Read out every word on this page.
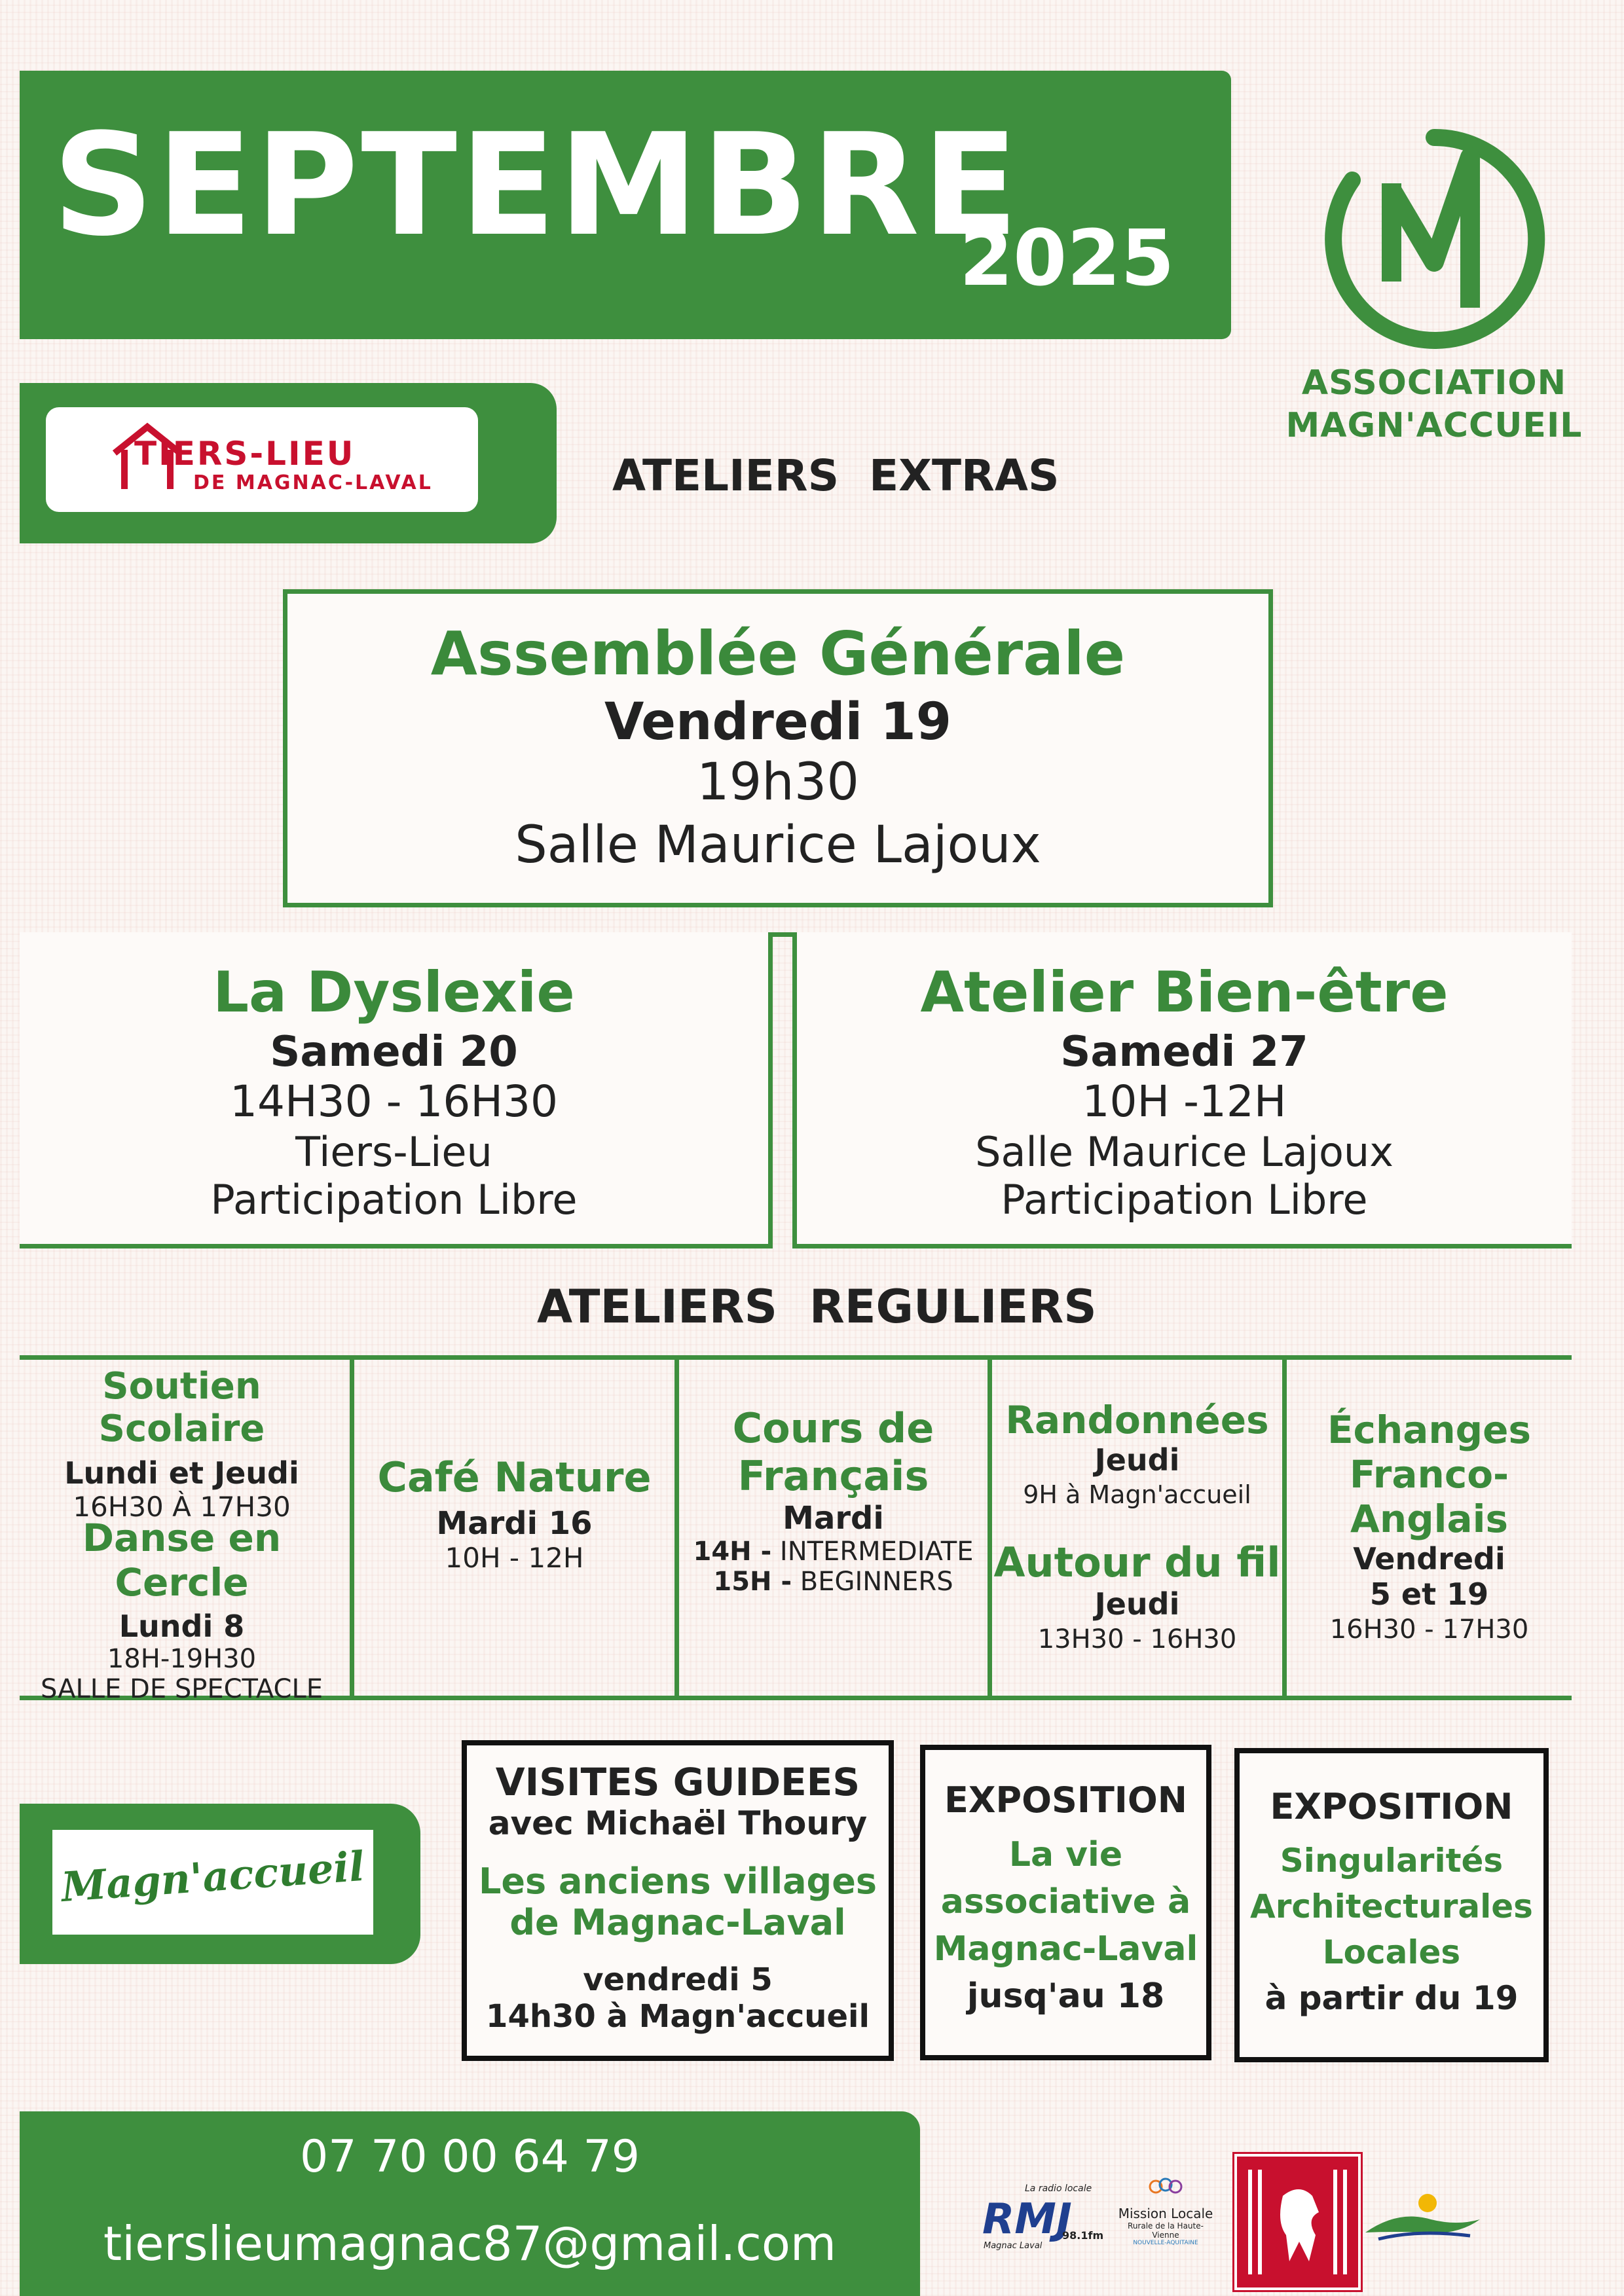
SEPTEMBRE
2025
ASSOCIATION
MAGN'ACCUEIL
TIERS-LIEU
DE MAGNAC-LAVAL	ATELIERS  EXTRAS
Assemblée Générale
Vendredi 19
19h30
Salle Maurice Lajoux
La Dyslexie
Samedi 20
14H30 - 16H30
Tiers-Lieu
Participation Libre
Atelier Bien-être
Samedi 27
10H -12H
Salle Maurice Lajoux
Participation Libre
ATELIERS  REGULIERS
Soutien Scolaire
Lundi et Jeudi
16H30 À 17H30
Danse en Cercle
Lundi 8
18H-19H30
SALLE DE SPECTACLE
Café Nature
Mardi 16
10H - 12H
Cours de
Français
Mardi
14H - INTERMEDIATE
15H - BEGINNERS
Randonnées
Jeudi
9H à Magn'accueil
Autour du fil
Jeudi
13H30 - 16H30
Échanges
Franco-
Anglais
Vendredi
5 et 19
16H30 - 17H30
Magn'accueil
VISITES GUIDEES
avec Michaël Thoury
Les anciens villages
de Magnac-Laval
vendredi 5
14h30 à Magn'accueil
EXPOSITION
La vie
associative à
Magnac-Laval
jusq'au 18
EXPOSITION
Singularités
Architecturales
Locales
à partir du 19
07 70 00 64 79
tierslieumagnac87@gmail.com
La radio locale
RMJ
98.1fm
Magnac Laval
Mission Locale
Rurale de la Haute-Vienne
NOUVELLE-AQUITAINE
